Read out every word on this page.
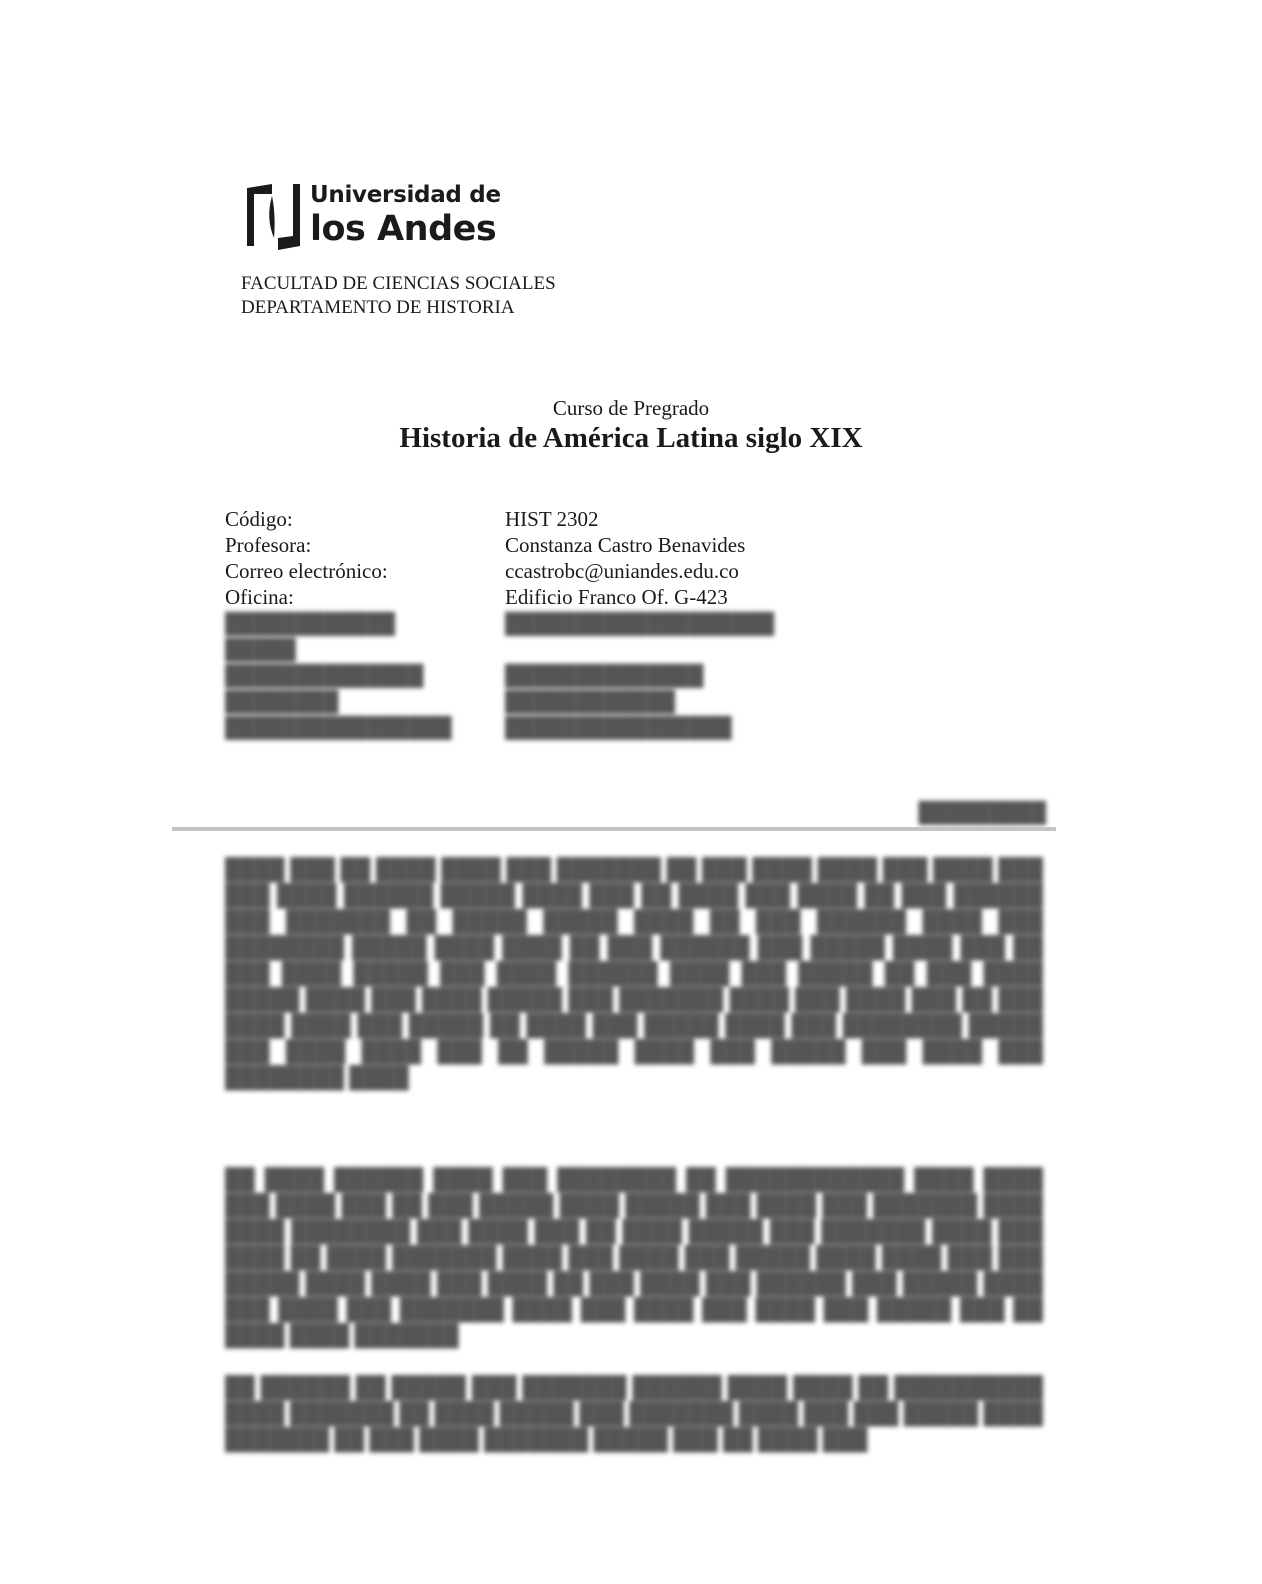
Universidad de
los Andes
FACULTAD DE CIENCIAS SOCIALES
DEPARTAMENTO DE HISTORIA
Curso de Pregrado
Historia de América Latina siglo XIX
Código:	HIST 2302
Profesora:	Constanza Castro Benavides
Correo electrónico:	ccastrobc@uniandes.edu.co
Oficina:	Edificio Franco Of. G-423
████████████	███████████████████
█████
██████████████	██████████████
████████	████████████
████████████████	████████████████
█████████
████ ███ ██ ████ ████ ███ ███████ ██ ███ ████ ████ ███ ████ ███ ███ ████ ██████ █████ ████ ███ ██ ████ ███ ████ ██ ███ ██████ ███ ███████ ██ █████ █████ ████ ██ ███ ██████ ████ ███ ████████ █████ ████ ████ ██ ███ ██████ ███ █████ ████ ███ ██ ███ ████ █████ ███ ████ ██████ ████ ███ █████ ██ ███ ████ █████ ████ ███ ████ █████ ███ ███████ ████ ███ ████ ███ ██ ███ ████ ████ ███ █████ ██ ████ ███ █████ ████ ███ ████████ █████ ███ ████ ████ ███ ██ █████ ████ ███ █████ ███ ████ ███ ████████ ████
██ ████ ██████ ████ ███ ████████ ██ ████████████ ████ ████ ███ ████ ███ ██ ███ █████ ████ █████ ███ ████ ███ ███████ ████ ████ ████████ ███ ████ ███ ██ ████ █████ ███ ███████ ████ ███ ████ ██ ████ ███████ ████ ███ ████ ███ █████ ████ ████ ███ ███ █████ ████ ████ ███ ████ ██ ███ ████ ███ ██████ ███ █████ ████ ███ ████ ███ ███████ ████ ███ ████ ███ ████ ███ █████ ███ ██ ████ ████ ███████
██ ██████ ██ █████ ███ ███████ ██████ ████ ████ ██ ██████████ ████ ███████ ██ ████ █████ ███ ███████ ████ ███ ███ █████ ████ ███████ ██ ███ ████ ███████ █████ ███ ██ ████ ███
